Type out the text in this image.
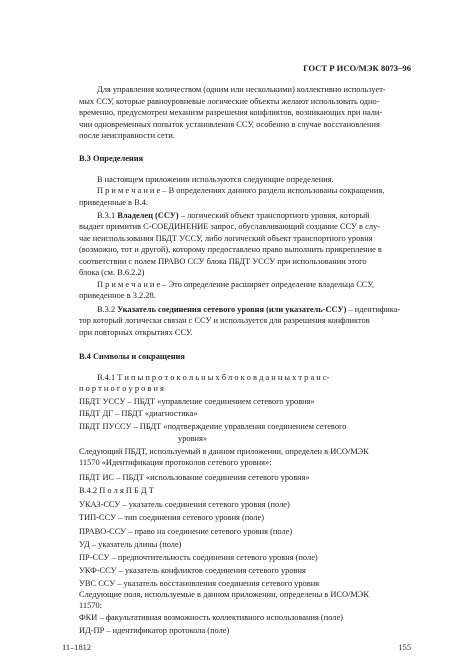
ГОСТ Р ИСО/МЭК 8073–96
Для управления количеством (одним или несколькими) коллективно использует-
мых ССУ, которые равноуровневые логические объекты желают использовать одно-
временно, предусмотрен механизм разрешения конфликтов, возникающих при нали-
чии одновременных попыток установления ССУ, особенно в случае восстановления
после неисправности сети.
В.3 Определения
В настоящем приложении используются следующие определения.
П р и м е ч а н и е – В определениях данного раздела использованы сокращения,
приведенные в В.4.
В.3.1 Владелец (ССУ) – логический объект транспортного уровня, который
выдает примитив С-СОЕДИНЕНИЕ запрос, обуславливающий создание ССУ в слу-
чае неиспользования ПБДТ УССУ, либо логический объект транспортного уровня
(возможно, тот и другой), которому предоставлено право выполнить прикрепление в
соответствии с полем ПРАВО ССУ блока ПБДТ УССУ при использовании этого
блока (см. В.6.2.2)
П р и м е ч а н и е – Это определение расширяет определение владельца ССУ,
приведенное в 3.2.28.
В.3.2 Указатель соединения сетевого уровня (или указатель-ССУ) – идентифика-
тор который логически связан с ССУ и используется для разрешения конфликтов
при повторных открытиях ССУ.
В.4 Символы и сокращения
В.4.1 Т и п ы п р о т о к о л ь н ы х б л о к о в д а н н ы х т р а н с-
п о р т н о г о у р о в н я
ПБДТ УССУ – ПБДТ «управление соединением сетевого уровня»
ПБДТ ДГ – ПБДТ «диагностика»
ПБДТ ПУССУ – ПБДТ «подтверждение управления соединением сетевого
уровня»
Следующий ПБДТ, используемый в данном приложении, определен в ИСО/МЭК
11570 «Идентификация протоколов сетевого уровня»:
ПБДТ ИС – ПБДТ «использование соединения сетевого уровня»
В.4.2 П о л я П Б Д Т
УКАЗ-ССУ – указатель соединения сетевого уровня (поле)
ТИП-ССУ – тип соединения сетевого уровня (поле)
ПРАВО-ССУ – право на соединение сетевого уровня (поле)
УД – указатель длины (поле)
ПР-ССУ – предпочтительность соединения сетевого уровня (поле)
УКФ-ССУ – указатель конфликтов соединения сетевого уровня
УВС ССУ – указатель восстановления соединения сетевого уровня
Следующие поля, используемые в данном приложении, определены в ИСО/МЭК
11570:
ФКИ – факультативная возможность коллективного использования (поле)
ИД-ПР – идентификатор протокола (поле)
11–1812	155
